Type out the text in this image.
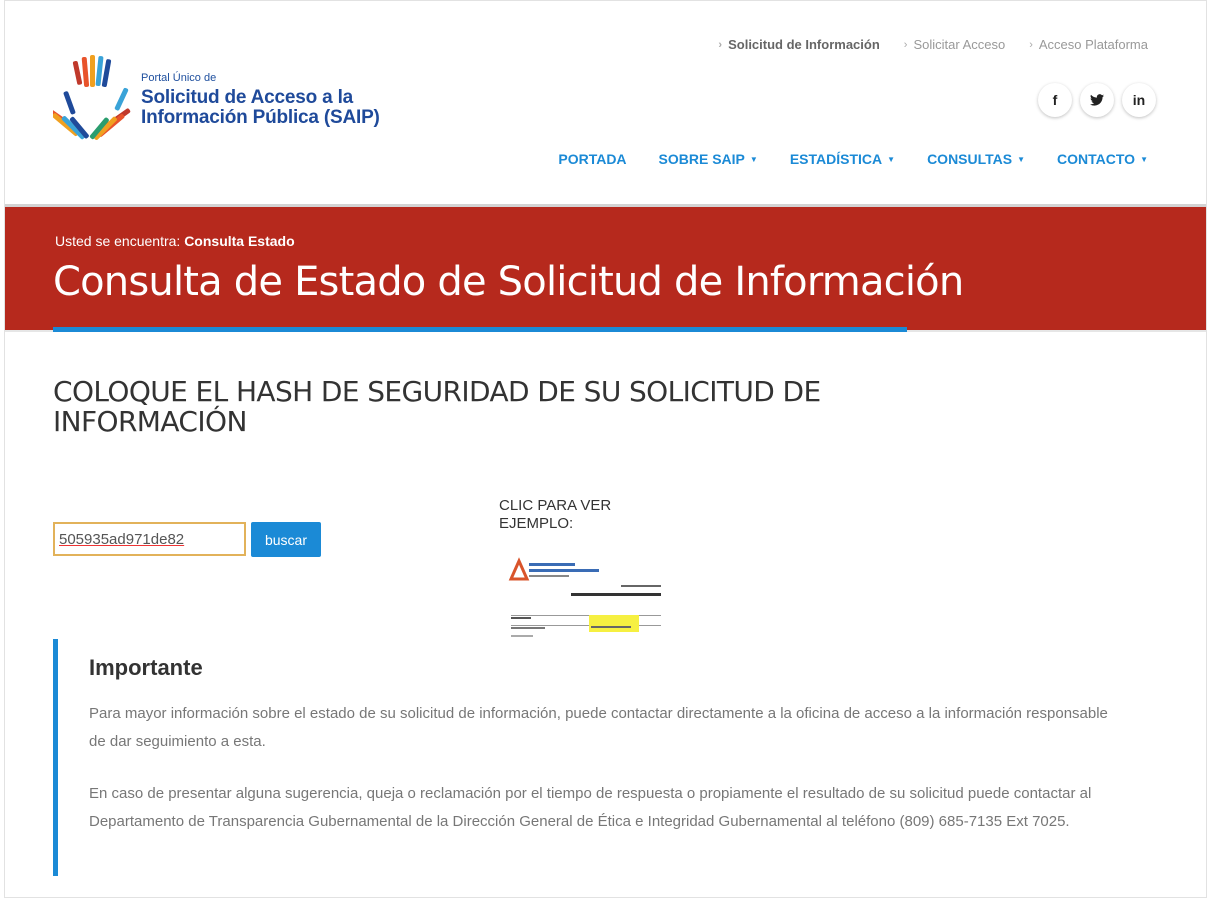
Portal Único de
Solicitud de Acceso a la
Información Pública (SAIP)
› Solicitud de Información › Solicitar Acceso › Acceso Plataforma
f	in
PORTADA SOBRE SAIP ▼ ESTADÍSTICA ▼ CONSULTAS ▼ CONTACTO ▼
Usted se encuentra: Consulta Estado
Consulta de Estado de Solicitud de Información
COLOQUE EL HASH DE SEGURIDAD DE SU SOLICITUD DE INFORMACIÓN
505935ad971de82
buscar
CLIC PARA VER EJEMPLO:
Importante

Para mayor información sobre el estado de su solicitud de información, puede contactar directamente a la oficina de acceso a la información responsable de dar seguimiento a esta.

En caso de presentar alguna sugerencia, queja o reclamación por el tiempo de respuesta o propiamente el resultado de su solicitud puede contactar al Departamento de Transparencia Gubernamental de la Dirección General de Ética e Integridad Gubernamental al teléfono (809) 685-7135 Ext 7025.
